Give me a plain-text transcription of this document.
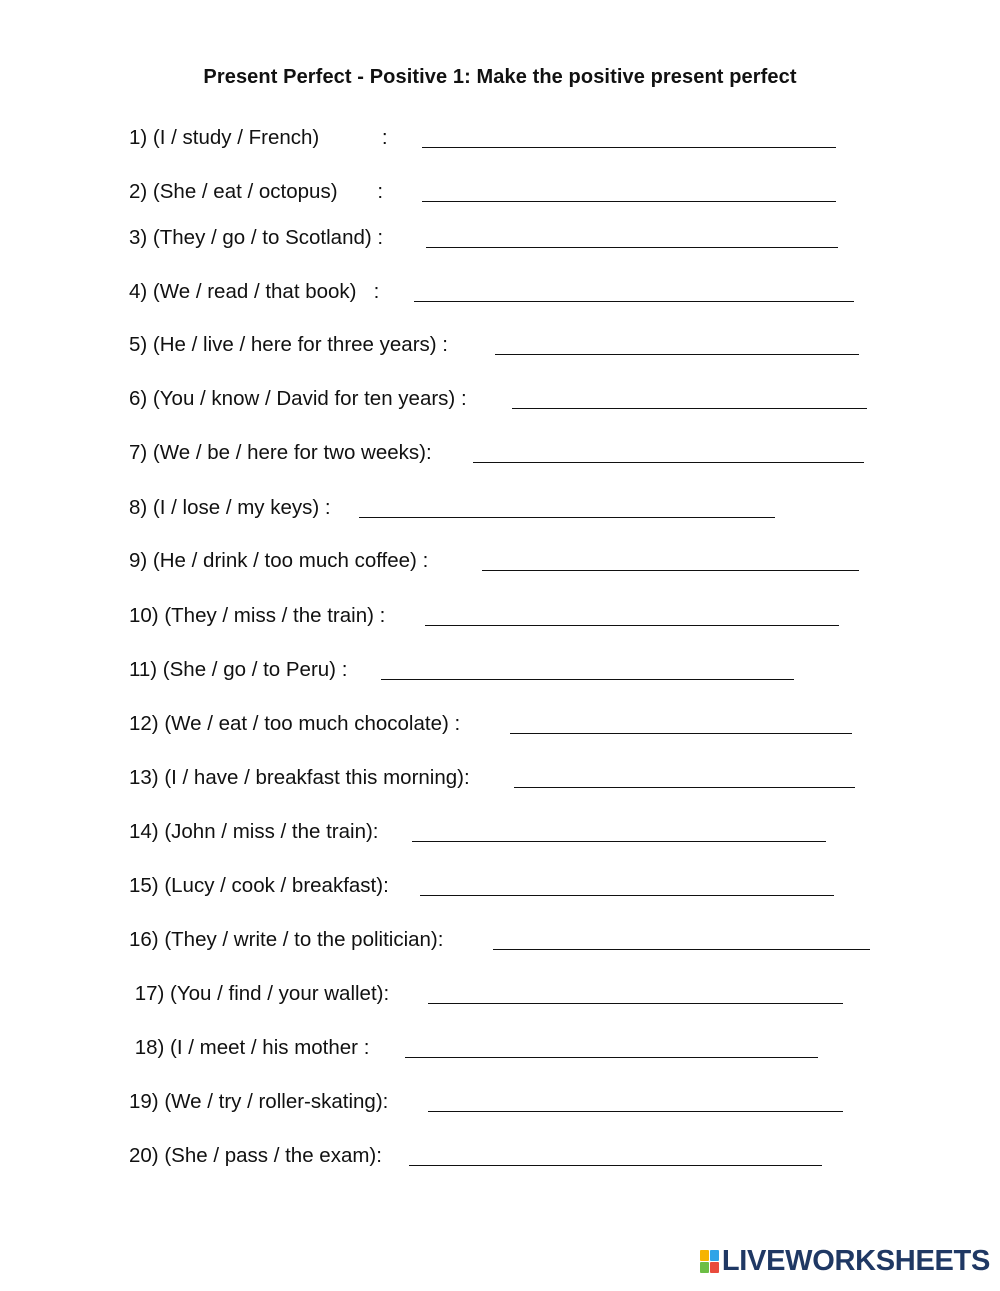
Present Perfect - Positive 1: Make the positive present perfect
1) (I / study / French)           :
2) (She / eat / octopus)       :
3) (They / go / to Scotland) :
4) (We / read / that book)   :
5) (He / live / here for three years) :
6) (You / know / David for ten years) :
7) (We / be / here for two weeks):
8) (I / lose / my keys) :
9) (He / drink / too much coffee) :
10) (They / miss / the train) :
11) (She / go / to Peru) :
12) (We / eat / too much chocolate) :
13) (I / have / breakfast this morning):
14) (John / miss / the train):
15) (Lucy / cook / breakfast):
16) (They / write / to the politician):
17) (You / find / your wallet):
18) (I / meet / his mother :
19) (We / try / roller-skating):
20) (She / pass / the exam):
LIVEWORKSHEETS
